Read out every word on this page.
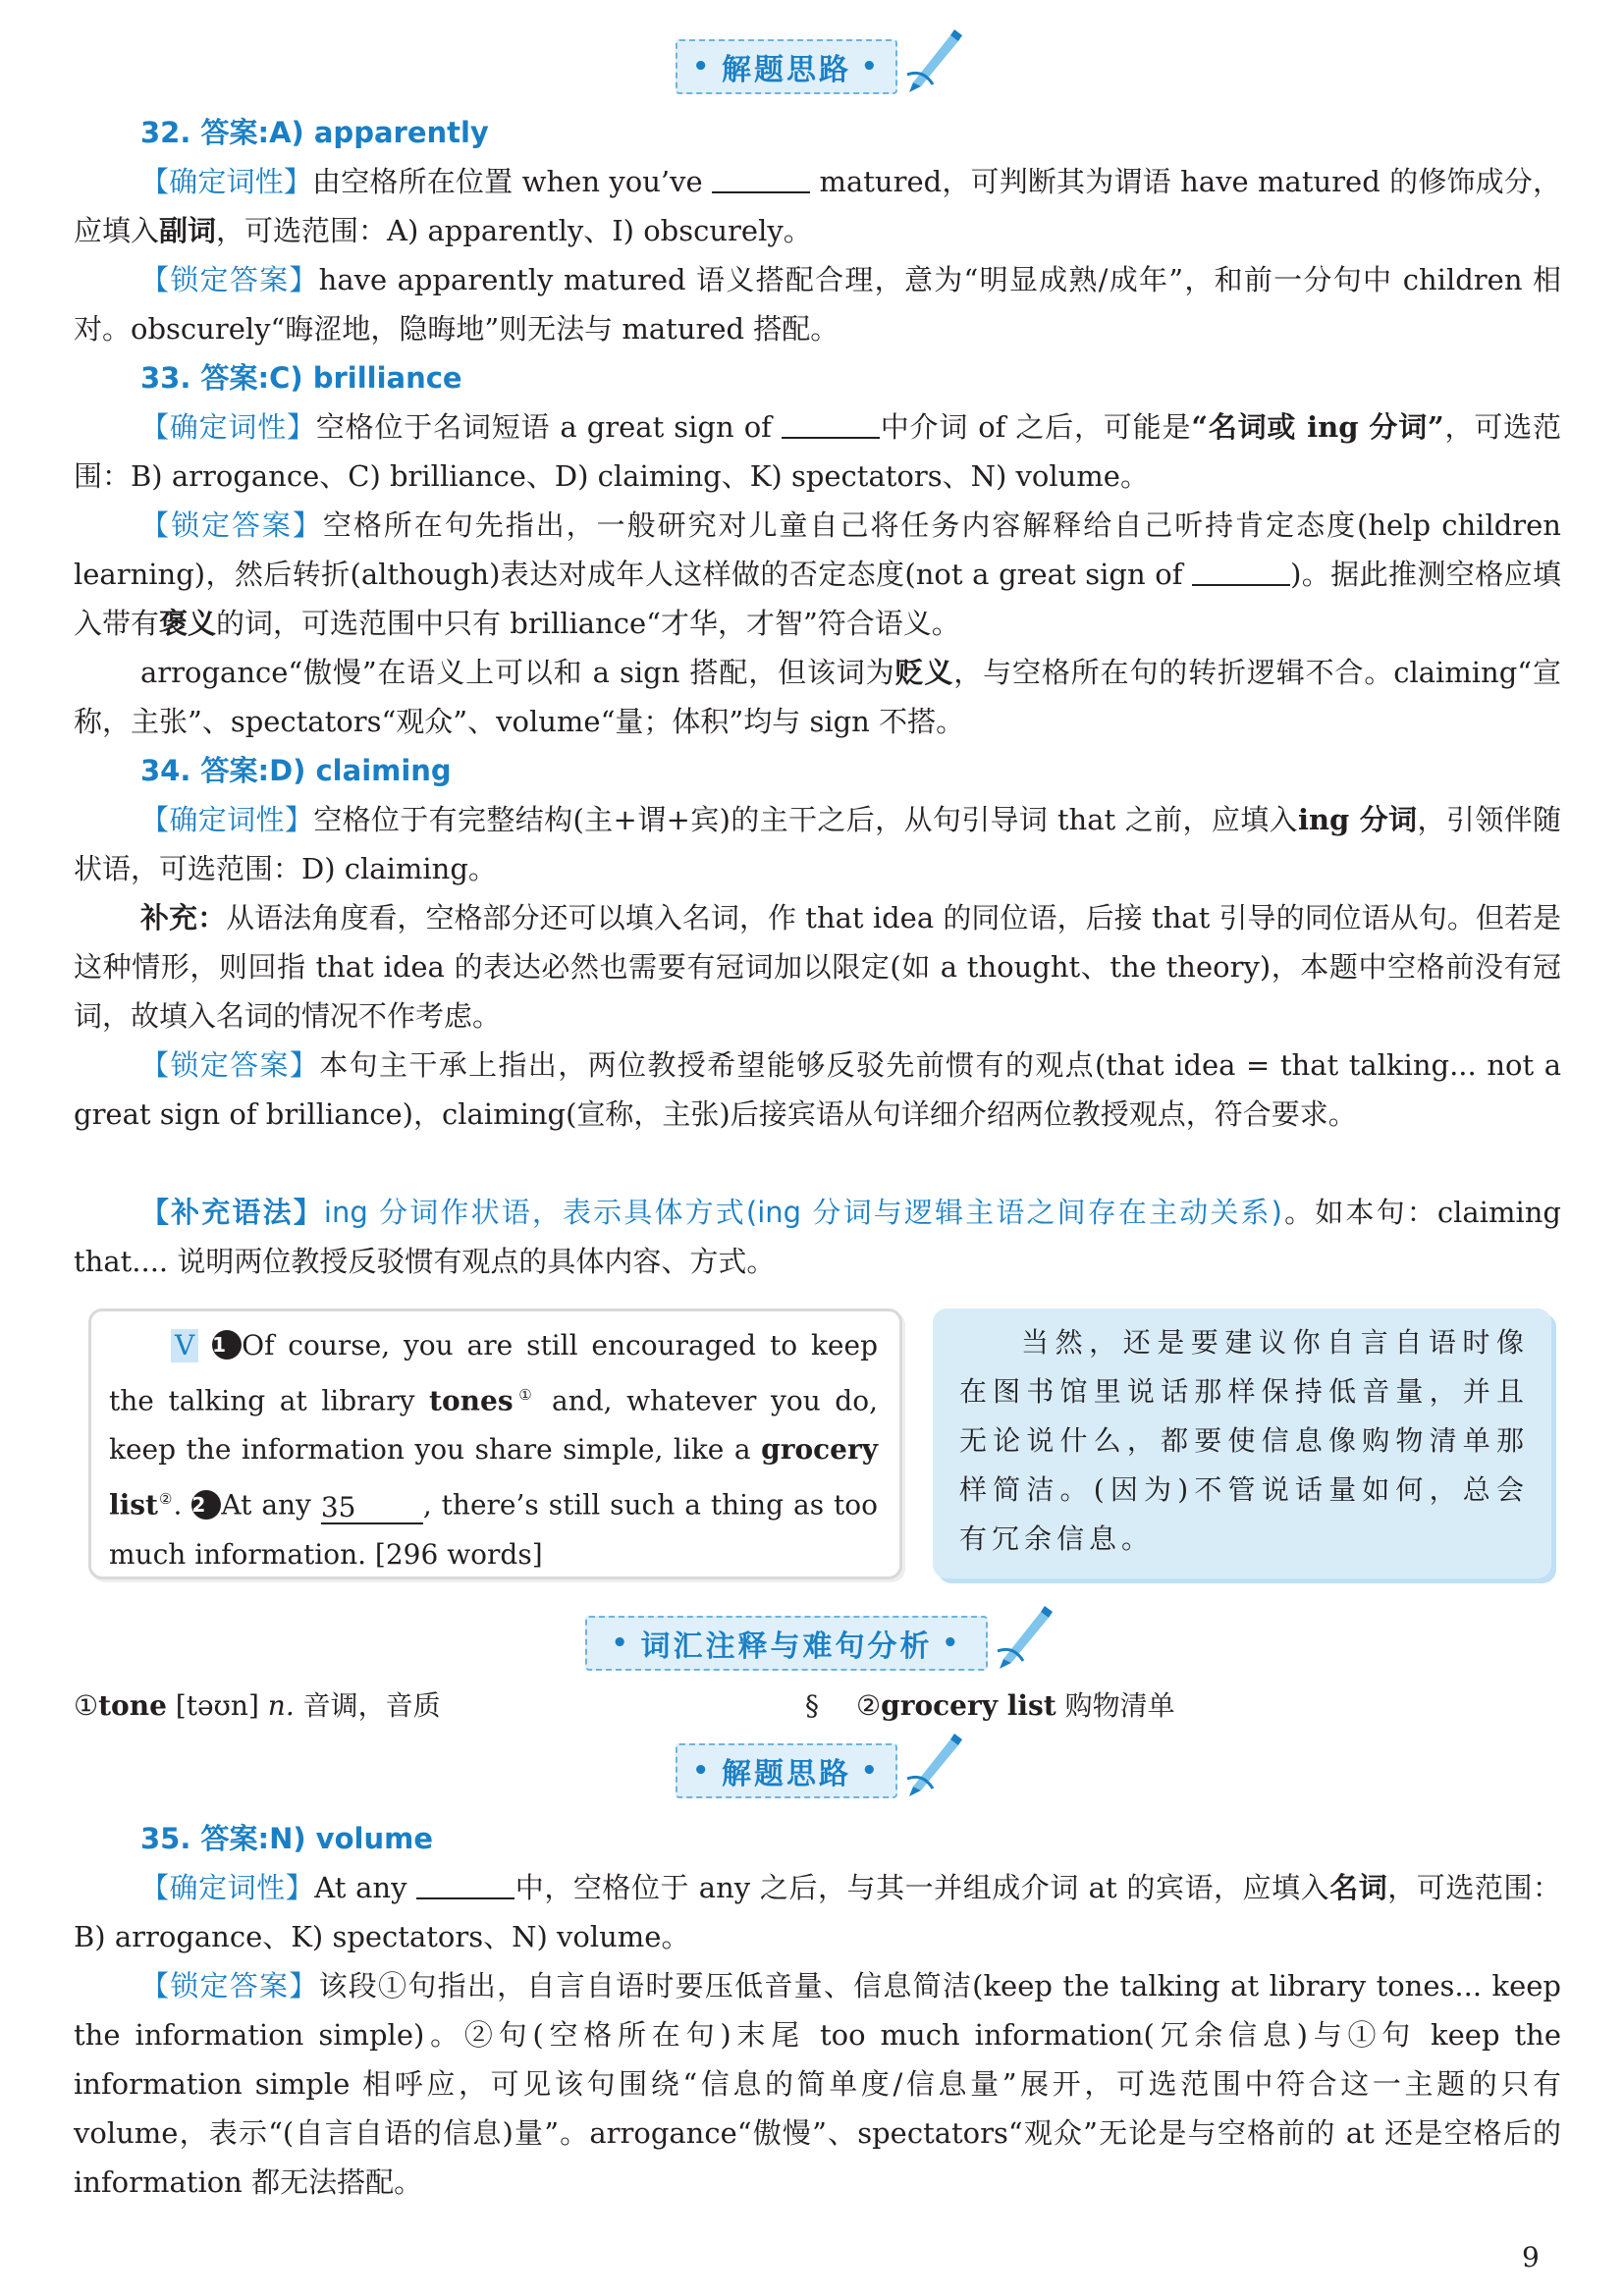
• 解题思路 •
32. 答案:A) apparently
【确定词性】由空格所在位置 when you’ve	matured，可判断其为谓语 have matured 的修饰成分，应填入副词，可选范围：A) apparently、I) obscurely。
【锁定答案】have apparently matured 语义搭配合理，意为“明显成熟/成年”，和前一分句中 children 相对。obscurely“晦涩地，隐晦地”则无法与 matured 搭配。
33. 答案:C) brilliance
【确定词性】空格位于名词短语 a great sign of	中介词 of 之后，可能是“名词或 ing 分词”，可选范围：B) arrogance、C) brilliance、D) claiming、K) spectators、N) volume。
【锁定答案】空格所在句先指出，一般研究对儿童自己将任务内容解释给自己听持肯定态度(help children learning)，然后转折(although)表达对成年人这样做的否定态度(not a great sign of	)。据此推测空格应填入带有褒义的词，可选范围中只有 brilliance“才华，才智”符合语义。
arrogance“傲慢”在语义上可以和 a sign 搭配，但该词为贬义，与空格所在句的转折逻辑不合。claiming“宣称，主张”、spectators“观众”、volume“量；体积”均与 sign 不搭。
34. 答案:D) claiming
【确定词性】空格位于有完整结构(主+谓+宾)的主干之后，从句引导词 that 之前，应填入ing 分词，引领伴随状语，可选范围：D) claiming。
补充：从语法角度看，空格部分还可以填入名词，作 that idea 的同位语，后接 that 引导的同位语从句。但若是这种情形，则回指 that idea 的表达必然也需要有冠词加以限定(如 a thought、the theory)，本题中空格前没有冠词，故填入名词的情况不作考虑。
【锁定答案】本句主干承上指出，两位教授希望能够反驳先前惯有的观点(that idea = that talking... not a great sign of brilliance)，claiming(宣称，主张)后接宾语从句详细介绍两位教授观点，符合要求。
【补充语法】ing 分词作状语，表示具体方式(ing 分词与逻辑主语之间存在主动关系)。如本句：claiming that.... 说明两位教授反驳惯有观点的具体内容、方式。
V 1 Of course, you are still encouraged to keep the talking at library tones① and, whatever you do, keep the information you share simple, like a grocery list②. 2 At any 35 , there’s still such a thing as too much information. [296 words]
当然，还是要建议你自言自语时像在图书馆里说话那样保持低音量，并且无论说什么，都要使信息像购物清单那样简洁。(因为)不管说话量如何，总会有冗余信息。
• 词汇注释与难句分析 •
①tone [təʊn] n. 音调，音质	§ ②grocery list 购物清单
• 解题思路 •
35. 答案:N) volume
【确定词性】At any	中，空格位于 any 之后，与其一并组成介词 at 的宾语，应填入名词，可选范围：B) arrogance、K) spectators、N) volume。
【锁定答案】该段①句指出，自言自语时要压低音量、信息简洁(keep the talking at library tones... keep the information simple)。②句(空格所在句)末尾 too much information(冗余信息)与①句 keep the information simple 相呼应，可见该句围绕“信息的简单度/信息量”展开，可选范围中符合这一主题的只有 volume，表示“(自言自语的信息)量”。arrogance“傲慢”、spectators“观众”无论是与空格前的 at 还是空格后的 information 都无法搭配。
9
